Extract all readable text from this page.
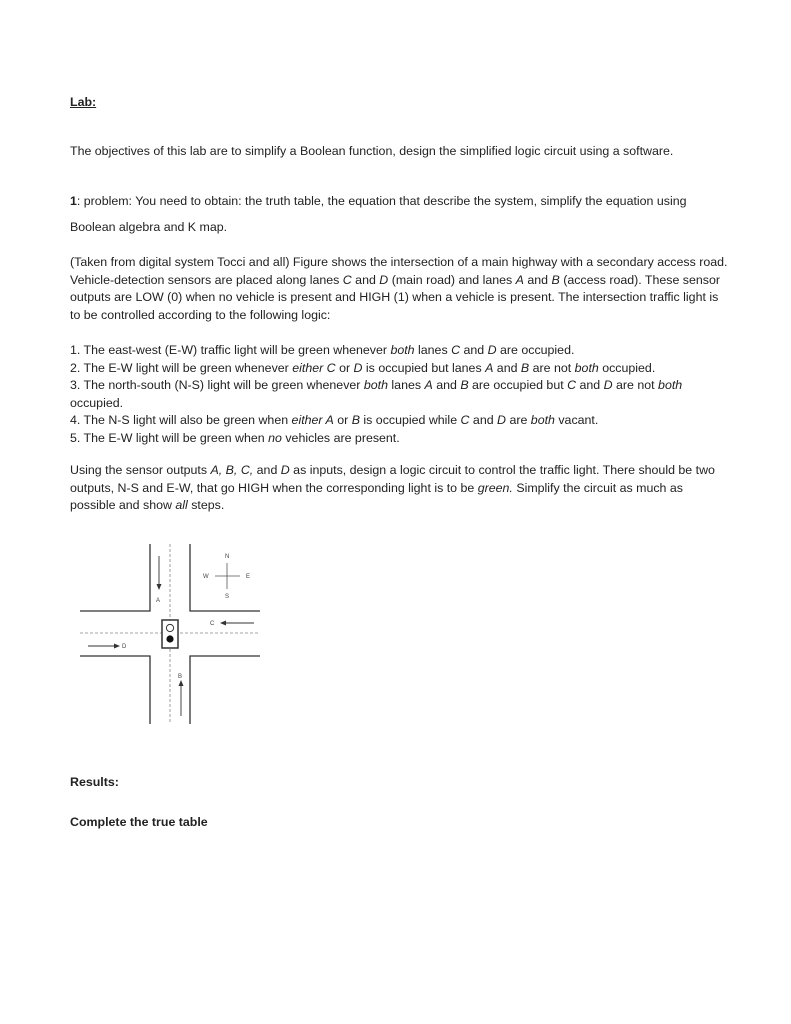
Lab:
The objectives of this lab are to simplify a Boolean function, design the simplified logic circuit using a software.
1: problem: You need to obtain: the truth table, the equation that describe the system, simplify the equation using Boolean algebra and K map.
(Taken from digital system Tocci and all) Figure shows the intersection of a main highway with a secondary access road. Vehicle-detection sensors are placed along lanes C and D (main road) and lanes A and B (access road). These sensor outputs are LOW (0) when no vehicle is present and HIGH (1) when a vehicle is present. The intersection traffic light is to be controlled according to the following logic:
1. The east-west (E-W) traffic light will be green whenever both lanes C and D are occupied.
2. The E-W light will be green whenever either C or D is occupied but lanes A and B are not both occupied.
3. The north-south (N-S) light will be green whenever both lanes A and B are occupied but C and D are not both occupied.
4. The N-S light will also be green when either A or B is occupied while C and D are both vacant.
5. The E-W light will be green when no vehicles are present.
Using the sensor outputs A, B, C, and D as inputs, design a logic circuit to control the traffic light. There should be two outputs, N-S and E-W, that go HIGH when the corresponding light is to be green. Simplify the circuit as much as possible and show all steps.
N
S
W	E
A
B
C
D
Results:
Complete the true table
